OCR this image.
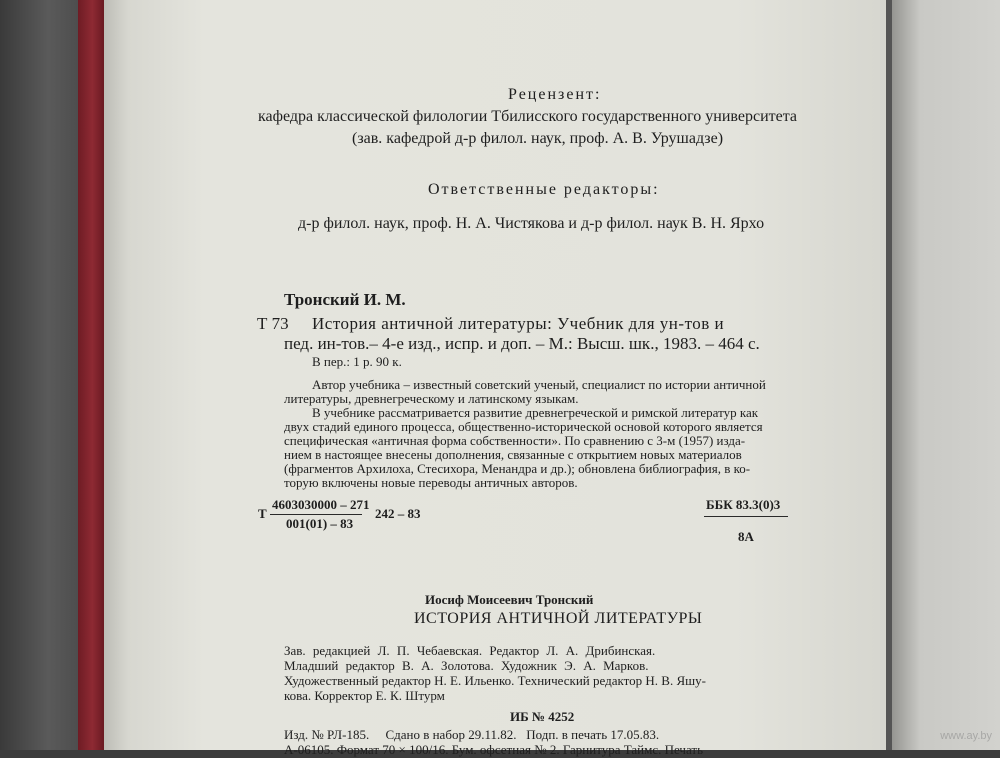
Рецензент:
кафедра классической филологии Тбилисского государственного университета
(зав. кафедрой д-р филол. наук, проф. А. В. Урушадзе)
Ответственные редакторы:
д-р филол. наук, проф. Н. А. Чистякова и д-р филол. наук В. Н. Ярхо
Тронский И. М.
Т 73 История античной литературы: Учебник для ун-тов и
пед. ин-тов.– 4-е изд., испр. и доп. – М.: Высш. шк., 1983. – 464 с.
В пер.: 1 р. 90 к.
Автор учебника – известный советский ученый, специалист по истории античной
литературы, древнегреческому и латинскому языкам.
В учебнике рассматривается развитие древнегреческой и римской литератур как
двух стадий единого процесса, общественно-исторической основой которого является
специфическая «античная форма собственности». По сравнению с 3-м (1957) изда-
нием в настоящее внесены дополнения, связанные с открытием новых материалов
(фрагментов Архилоха, Стесихора, Менандра и др.); обновлена библиография, в ко-
торую включены новые переводы античных авторов.
Т
4603030000 – 271
001(01) – 83
242 – 83
ББК 83.3(0)3
8А
Иосиф Моисеевич Тронский
ИСТОРИЯ АНТИЧНОЙ ЛИТЕРАТУРЫ
Зав. редакцией Л. П. Чебаевская. Редактор Л. А. Дрибинская.
Младший редактор В. А. Золотова. Художник Э. А. Марков.
Художественный редактор Н. Е. Ильенко. Технический редактор Н. В. Яшу-
кова. Корректор Е. К. Штурм
ИБ № 4252
Изд. № РЛ-185.     Сдано в набор 29.11.82.   Подп. в печать 17.05.83.
А-06105. Формат 70 × 100/16. Бум. офсетная № 2. Гарнитура Таймс. Печать
www.ay.by
